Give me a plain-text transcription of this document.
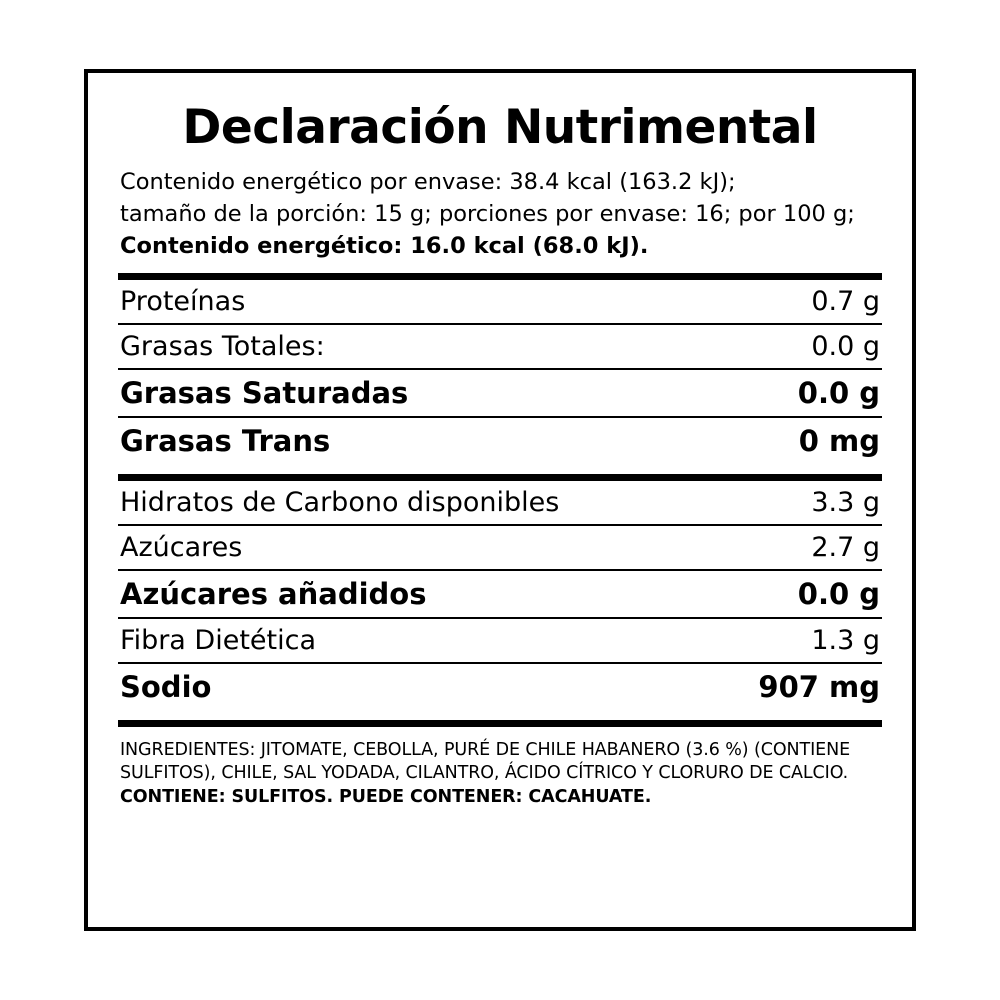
Declaración Nutrimental
Contenido energético por envase: 38.4 kcal (163.2 kJ);
tamaño de la porción: 15 g; porciones por envase: 16; por 100 g;
Contenido energético: 16.0 kcal (68.0 kJ).
Proteínas	0.7 g
Grasas Totales:	0.0 g
Grasas Saturadas	0.0 g
Grasas Trans	0 mg
Hidratos de Carbono disponibles	3.3 g
Azúcares	2.7 g
Azúcares añadidos	0.0 g
Fibra Dietética	1.3 g
Sodio	907 mg
INGREDIENTES: JITOMATE, CEBOLLA, PURÉ DE CHILE HABANERO (3.6 %) (CONTIENE
SULFITOS), CHILE, SAL YODADA, CILANTRO, ÁCIDO CÍTRICO Y CLORURO DE CALCIO.
CONTIENE: SULFITOS. PUEDE CONTENER: CACAHUATE.
